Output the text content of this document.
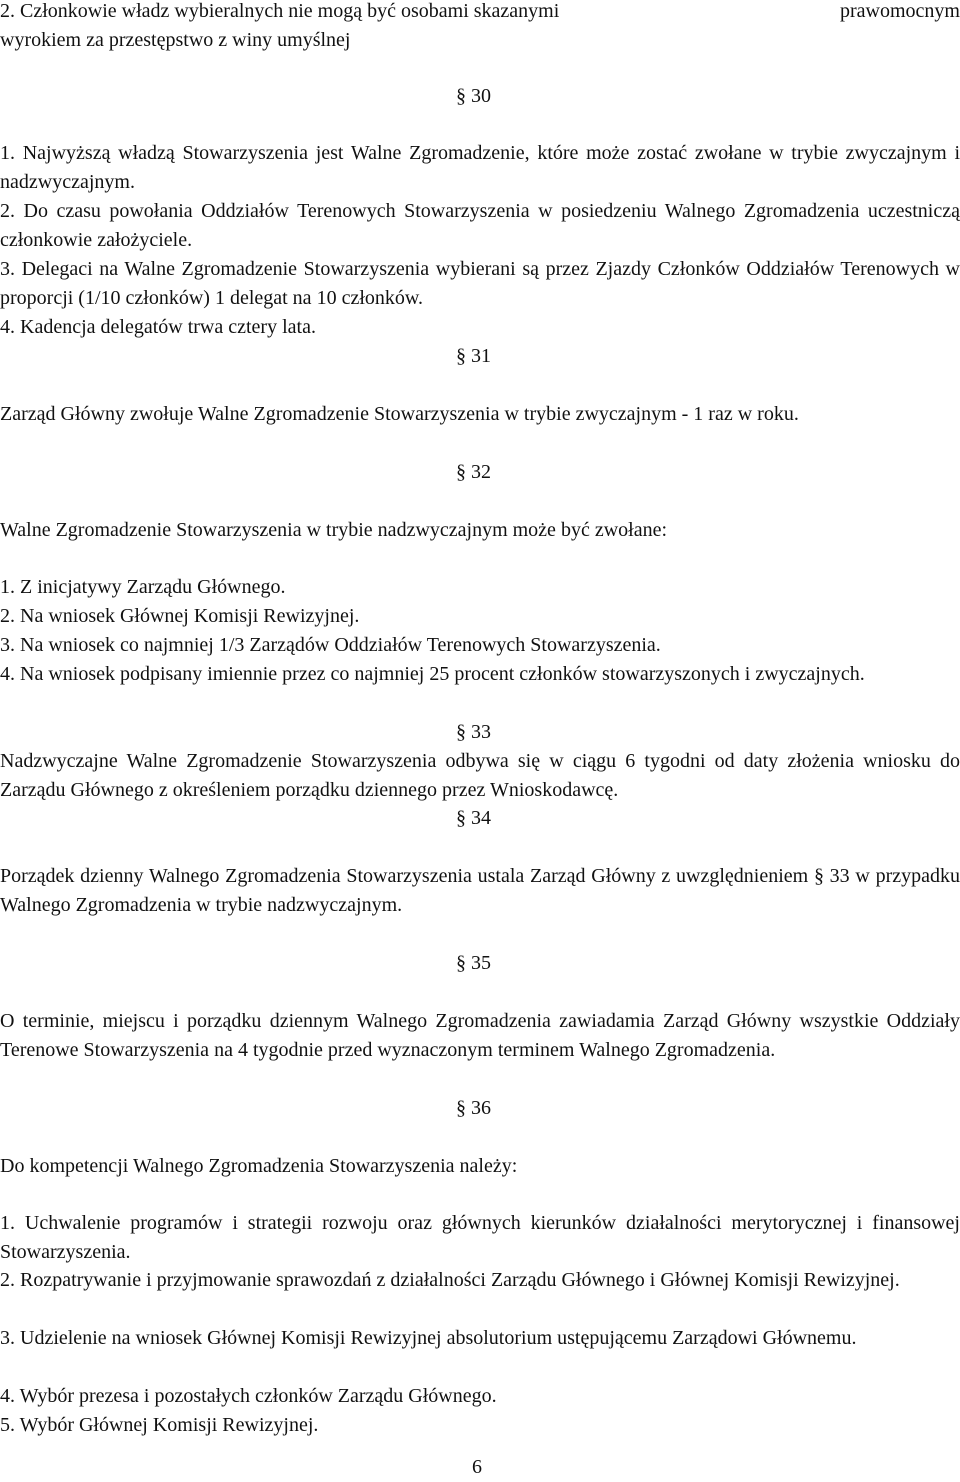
2. Członkowie władz wybieralnych nie mogą być osobami skazanymi	prawomocnym

wyrokiem za przestępstwo z winy umyślnej

§ 30

1. Najwyższą władzą Stowarzyszenia jest Walne Zgromadzenie, które może zostać zwołane w trybie zwyczajnym i nadzwyczajnym.

2. Do czasu powołania Oddziałów Terenowych Stowarzyszenia w posiedzeniu Walnego Zgromadzenia uczestniczą członkowie założyciele.

3. Delegaci na Walne Zgromadzenie Stowarzyszenia wybierani są przez Zjazdy Członków Oddziałów Terenowych w proporcji (1/10 członków) 1 delegat na 10 członków.

4. Kadencja delegatów trwa cztery lata.

§ 31

Zarząd Główny zwołuje Walne Zgromadzenie Stowarzyszenia w trybie zwyczajnym - 1 raz w roku.

§ 32

Walne Zgromadzenie Stowarzyszenia w trybie nadzwyczajnym może być zwołane:

1. Z inicjatywy Zarządu Głównego.

2. Na wniosek Głównej Komisji Rewizyjnej.

3. Na wniosek co najmniej 1/3 Zarządów Oddziałów Terenowych Stowarzyszenia.

4. Na wniosek podpisany imiennie przez co najmniej 25 procent członków stowarzyszonych i zwyczajnych.

§ 33

Nadzwyczajne Walne Zgromadzenie Stowarzyszenia odbywa się w ciągu 6 tygodni od daty złożenia wniosku do Zarządu Głównego z określeniem porządku dziennego przez Wnioskodawcę.

§ 34

Porządek dzienny Walnego Zgromadzenia Stowarzyszenia ustala Zarząd Główny z uwzględnieniem § 33 w przypadku Walnego Zgromadzenia w trybie nadzwyczajnym.

§ 35

O terminie, miejscu i porządku dziennym Walnego Zgromadzenia zawiadamia Zarząd Główny wszystkie Oddziały Terenowe Stowarzyszenia na 4 tygodnie przed wyznaczonym terminem Walnego Zgromadzenia.

§ 36

Do kompetencji Walnego Zgromadzenia Stowarzyszenia należy:

1. Uchwalenie programów i strategii rozwoju oraz głównych kierunków działalności merytorycznej i finansowej Stowarzyszenia.

2. Rozpatrywanie i przyjmowanie sprawozdań z działalności Zarządu Głównego i Głównej Komisji Rewizyjnej.

3. Udzielenie na wniosek Głównej Komisji Rewizyjnej absolutorium ustępującemu Zarządowi Głównemu.

4. Wybór prezesa i pozostałych członków Zarządu Głównego.

5. Wybór Głównej Komisji Rewizyjnej.

6
